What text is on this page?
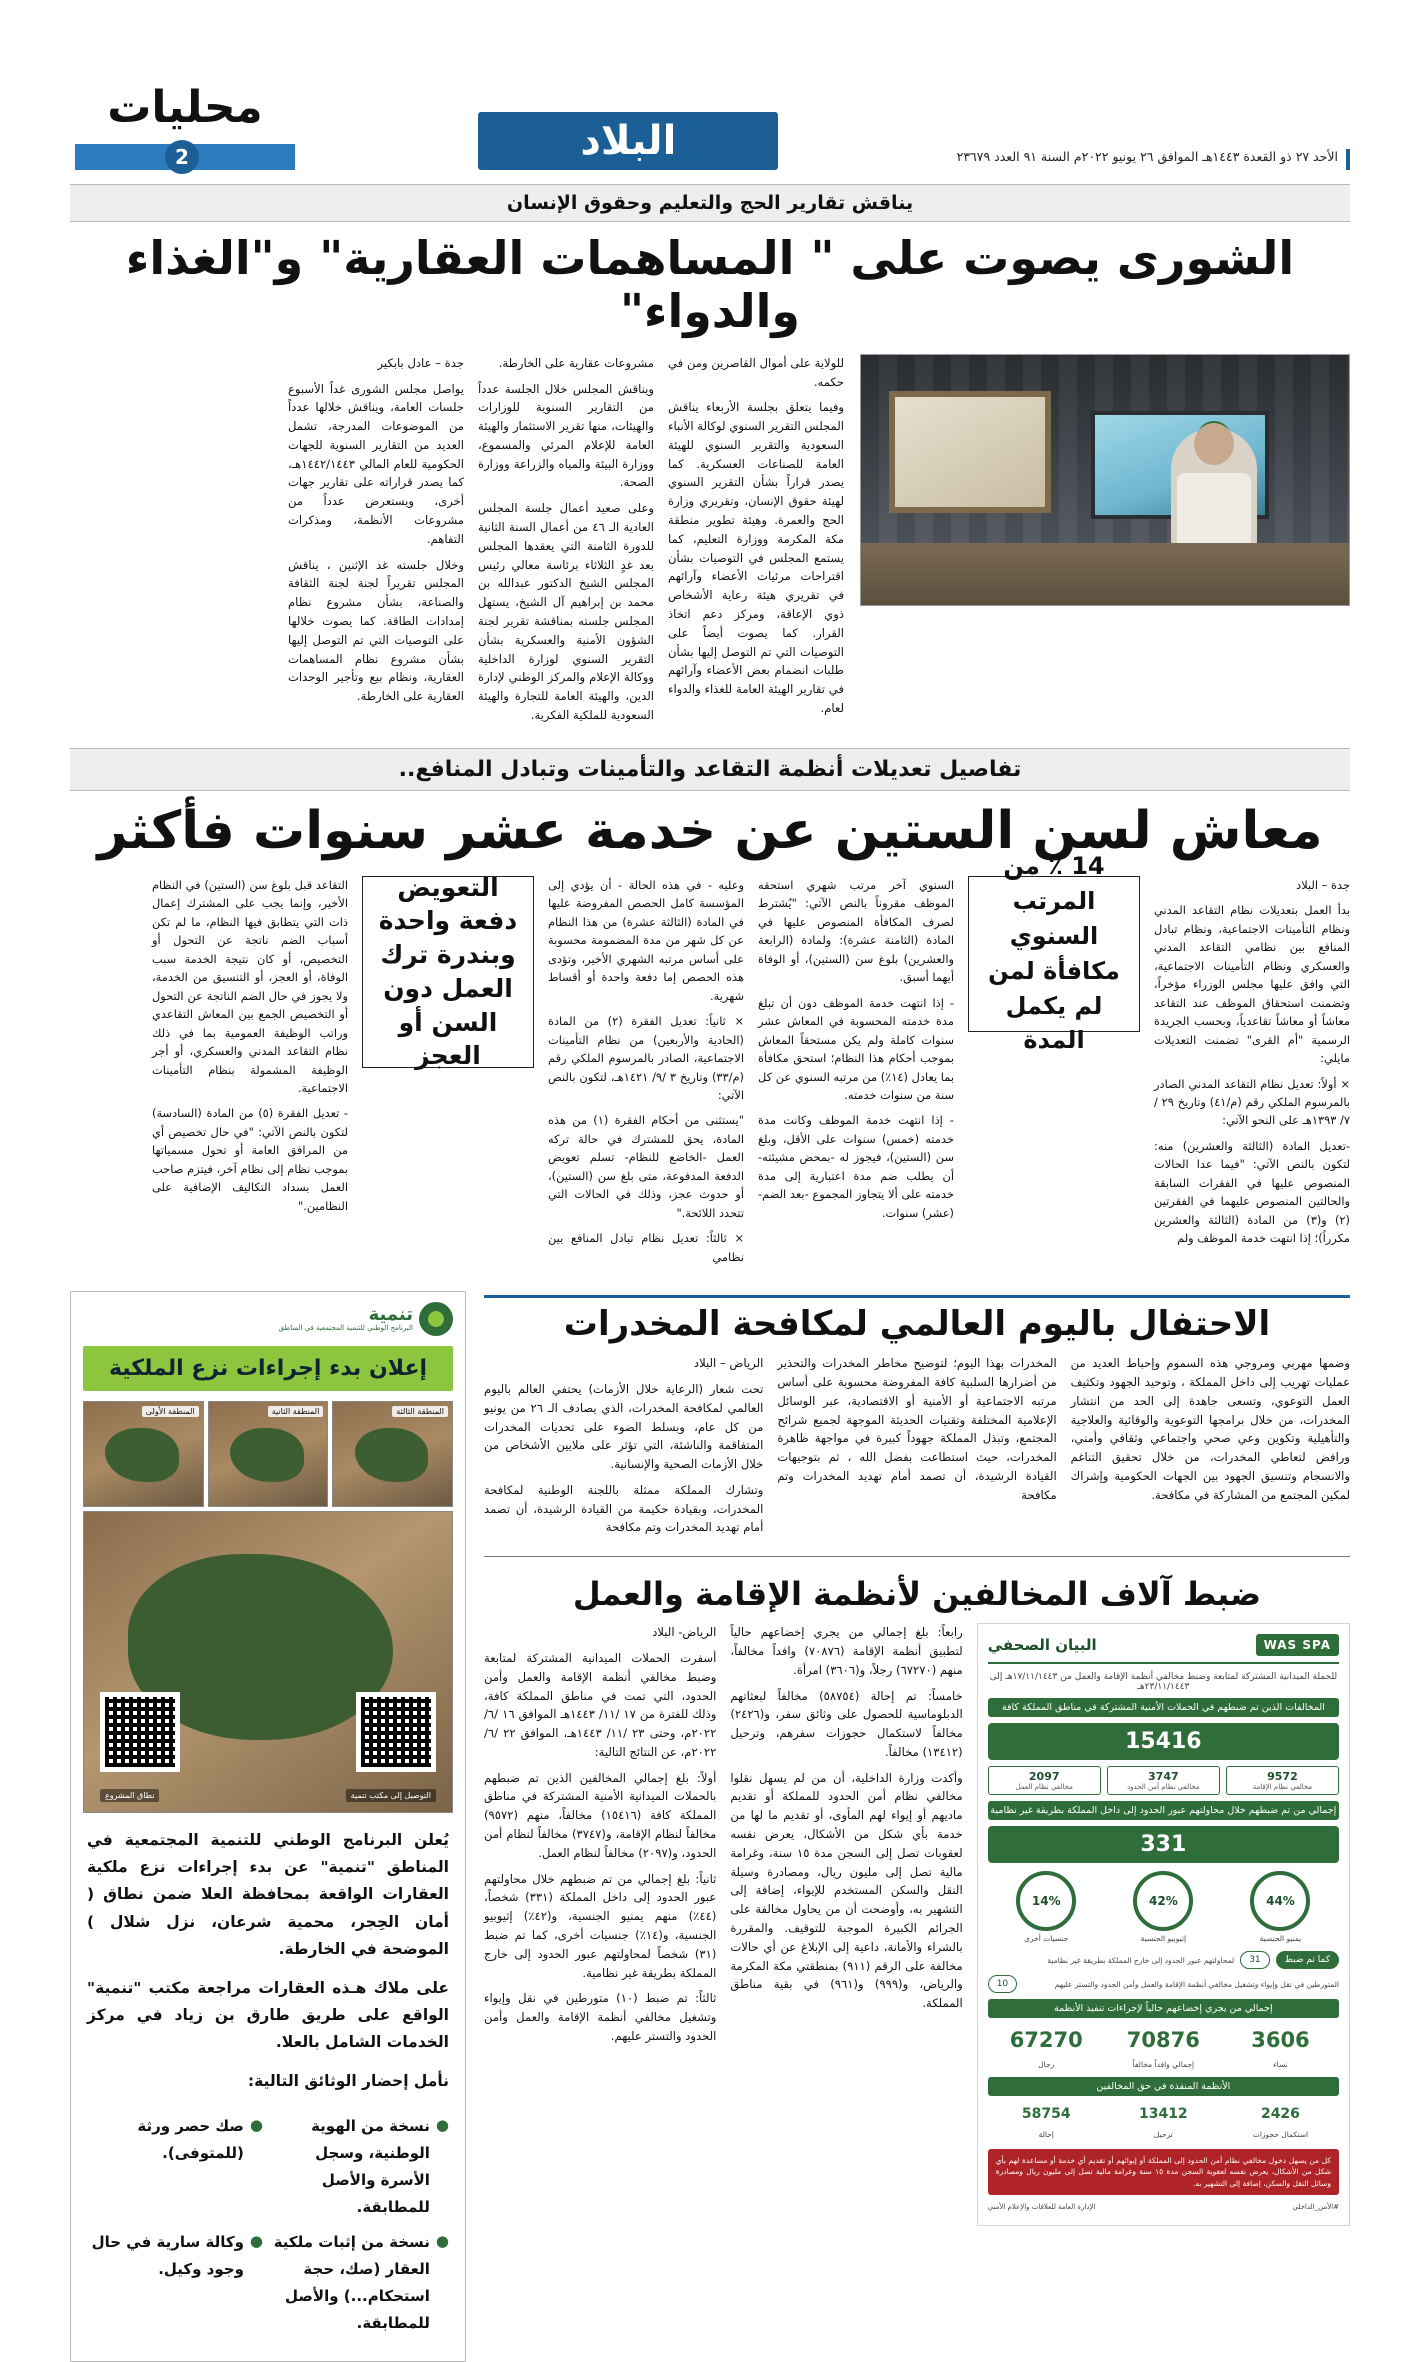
الأحد ٢٧ ذو القعدة ١٤٤٣هـ الموافق ٢٦ يونيو ٢٠٢٢م السنة ٩١ العدد ٢٣٦٧٩
البلاد
محليات
2
يناقش تقارير الحج والتعليم وحقوق الإنسان
الشورى يصوت على " المساهمات العقارية" و"الغذاء والدواء"

للولاية على أموال القاصرين ومن في حكمه.

وفيما يتعلق بجلسة الأربعاء يناقش المجلس التقرير السنوي لوكالة الأنباء السعودية والتقرير السنوي للهيئة العامة للصناعات العسكرية. كما يصدر قراراً بشأن التقرير السنوي لهيئة حقوق الإنسان، وتقريري وزارة الحج والعمرة. وهيئة تطوير منطقة مكة المكرمة ووزارة التعليم، كما يستمع المجلس في التوصيات بشأن اقتراحات مرئيات الأعضاء وآرائهم في تقريري هيئة رعاية الأشخاص ذوي الإعاقة، ومركز دعم اتخاذ القرار. كما يصوت أيضاً على التوصيات التي تم التوصل إليها بشأن طلبات انضمام بعض الأعضاء وآرائهم في تقارير الهيئة العامة للغذاء والدواء لعام.

مشروعات عقارية على الخارطة.

ويناقش المجلس خلال الجلسة عدداً من التقارير السنوية للوزارات والهيئات، منها تقرير الاستثمار والهيئة العامة للإعلام المرئي والمسموع، ووزارة البيئة والمياه والزراعة ووزارة الصحة.

وعلى صعيد أعمال جلسة المجلس العادية الـ ٤٦ من أعمال السنة الثانية للدورة الثامنة التي يعقدها المجلس بعد غدٍ الثلاثاء برئاسة معالي رئيس المجلس الشيخ الدكتور عبدالله بن محمد بن إبراهيم آل الشيخ، يستهل المجلس جلسته بمناقشة تقرير لجنة الشؤون الأمنية والعسكرية بشأن التقرير السنوي لوزارة الداخلية ووكالة الإعلام والمركز الوطني لإدارة الدين، والهيئة العامة للتجارة والهيئة السعودية للملكية الفكرية.

جدة – عادل بابكير

يواصل مجلس الشورى غداً الأسبوع جلسات العامة، ويناقش خلالها عدداً من الموضوعات المدرجة، تشمل العديد من التقارير السنوية للجهات الحكومية للعام المالي ١٤٤٢/١٤٤٣هـ، كما يصدر قراراته على تقارير جهات أخرى، ويستعرض عدداً من مشروعات الأنظمة، ومذكرات التفاهم.

وخلال جلسته غد الإثنين ، يناقش المجلس تقريراً لجنة لجنة الثقافة والصناعة، بشأن مشروع نظام إمدادات الطاقة. كما يصوت خلالها على التوصيات التي تم التوصل إليها بشأن مشروع نظام المساهمات العقارية، ونظام بيع وتأجير الوحدات العقارية على الخارطة.

تفاصيل تعديلات أنظمة التقاعد والتأمينات وتبادل المنافع..
معاش لسن الستين عن خدمة عشر سنوات فأكثر

جدة – البلاد

بدأ العمل بتعديلات نظام التقاعد المدني ونظام التأمينات الاجتماعية، ونظام تبادل المنافع بين نظامي التقاعد المدني والعسكري ونظام التأمينات الاجتماعية، التي وافق عليها مجلس الوزراء مؤخراً، وتضمنت استحقاق الموظف عند التقاعد معاشاً أو معاشاً تقاعدياً، وبحسب الجريدة الرسمية "أم القرى" تضمنت التعديلات مايلي:

× أولاً: تعديل نظام التقاعد المدني الصادر بالمرسوم الملكي رقم (م/٤١) وتاريخ ٢٩ /٧/ ١٣٩٣هـ على النحو الآتي:

-تعديل المادة (الثالثة والعشرين) منه: لتكون بالنص الآتي: "فيما عدا الحالات المنصوص عليها في الفقرات السابقة والحالتين المنصوص عليهما في الفقرتين (٢) و(٣) من المادة (الثالثة والعشرين مكرراً)؛ إذا انتهت خدمة الموظف ولم

14 ٪ من المرتب السنوي مكافأة لمن لم يكمل المدة

السنوي آخر مرتب شهري استحقه الموظف مقروناً بالنص الآتي: "يُشترط لصرف المكافأة المنصوص عليها في المادة (الثامنة عشرة): ولمادة (الرابعة والعشرين) بلوغ سن (الستين)، أو الوفاة أيهما أسبق.

- إذا انتهت خدمة الموظف دون أن تبلغ مدة خدمته المحسوبة في المعاش عشر سنوات كاملة ولم يكن مستحقاً المعاش بموجب أحكام هذا النظام؛ استحق مكافأة بما يعادل (١٤٪) من مرتبه السنوي عن كل سنة من سنوات خدمته.

- إذا انتهت خدمة الموظف وكانت مدة خدمته (خمس) سنوات على الأقل، وبلغ سن (الستين)، فيجوز له -بمحض مشيئته- أن يطلب ضم مدة اعتبارية إلى مدة خدمته على ألا يتجاوز المجموع -بعد الضم- (عشر) سنوات.

وعليه - في هذه الحالة - أن يؤدي إلى المؤسسة كامل الحصص المفروضة عليها في المادة (الثالثة عشرة) من هذا النظام عن كل شهر من مدة المضمومة محسوبة على أساس مرتبه الشهري الأخير، وتؤدى هذه الحصص إما دفعة واحدة أو أقساط شهرية.

× ثانياً: تعديل الفقرة (٢) من المادة (الحادية والأربعين) من نظام التأمينات الاجتماعية، الصادر بالمرسوم الملكي رقم (م/٣٣) وتاريخ ٣ /٩/ ١٤٢١هـ، لتكون بالنص الآتي:

"يستثنى من أحكام الفقرة (١) من هذه المادة، يحق للمشترك في حالة تركه العمل -الخاضع للنظام- تسلم تعويض الدفعة المدفوعة، متى بلغ سن (الستين)، أو حدوث عجز، وذلك في الحالات التي تتحدد اللائحة."

× ثالثاً: تعديل نظام تبادل المنافع بين نظامي

التعويض دفعة واحدة وبندرة ترك العمل دون السن أو العجز

التقاعد قبل بلوغ سن (الستين) في النظام الأخير، وإنما يجب على المشترك إعمال ذات التي يتطابق فيها النظام، ما لم تكن أسباب الضم ناتجة عن التحول أو التخصيص، أو كان نتيجة الخدمة سبب الوفاة، أو العجز، أو التنسيق من الخدمة، ولا يجوز في حال الضم الناتجة عن التحول أو التخصيص الجمع بين المعاش التقاعدي وراتب الوظيفة العمومية بما في ذلك نظام التقاعد المدني والعسكري، أو أجر الوظيفة المشمولة بنظام التأمينات الاجتماعية.

- تعديل الفقرة (٥) من المادة (السادسة) لتكون بالنص الآتي: "في حال تخصيص أي من المرافق العامة أو تحول مسمياتها بموجب نظام إلى نظام آخر، فيتزم صاحب العمل بسداد التكاليف الإضافية على النظامين."

الاحتفال باليوم العالمي لمكافحة المخدرات

وضمها مهربي ومروجي هذه السموم وإحباط العديد من عمليات تهريب إلى داخل المملكة ، وتوحيد الجهود وتكثيف العمل التوعوي، وتسعى جاهدة إلى الحد من انتشار المخدرات، من خلال برامجها التوعوية والوقائية والعلاجية والتأهيلية وتكوين وعي صحي واجتماعي وثقافي وأمني، ورافض لتعاطي المخدرات، من خلال تحقيق التناغم والانسجام وتنسيق الجهود بين الجهات الحكومية وإشراك لمكين المجتمع من المشاركة في مكافحة.

المخدرات بهذا اليوم؛ لتوضيح مخاطر المخدرات والتحذير من أضرارها السلبية كافة المفروضة محسوبة على أساس مرتبه الاجتماعية أو الأمنية أو الاقتصادية، عبر الوسائل الإعلامية المختلفة وتقنيات الحديثة الموجهة لجميع شرائح المجتمع، وتبذل المملكة جهوداً كبيرة في مواجهة ظاهرة المخدرات، حيث استطاعت بفضل الله ، ثم بتوجيهات القيادة الرشيدة، أن تصمد أمام تهديد المخدرات وتم مكافحة

الرياض – البلاد

تحت شعار (الرعاية خلال الأزمات) يحتفي العالم باليوم العالمي لمكافحة المخدرات، الذي يصادف الـ ٢٦ من يونيو من كل عام، وبسلط الضوء على تحديات المخدرات المتفاقمة والناشئة، التي تؤثر على ملايين الأشخاص من خلال الأزمات الصحية والإنسانية.

وتشارك المملكة ممثلة باللجنة الوطنية لمكافحة المخدرات، وبقيادة حكيمة من القيادة الرشيدة، أن تصمد أمام تهديد المخدرات وتم مكافحة

ضبط آلاف المخالفين لأنظمة الإقامة والعمل
WAS SPA
البيان الصحفي
للحملة الميدانية المشتركة لمتابعة وضبط مخالفي أنظمة الإقامة والعمل من ١٧/١١/١٤٤٣هـ إلى ٢٣/١١/١٤٤٣هـ
المخالفات الذين تم ضبطهم في الحملات الأمنية المشتركة في مناطق المملكة كافة
15416
9572
مخالفي نظام الإقامة
3747
مخالفي نظام أمن الحدود
2097
مخالفي نظام العمل
إجمالي من تم ضبطهم خلال محاولتهم عبور الحدود إلى داخل المملكة بطريقة غير نظامية
331
44%
يمنيو الجنسية
42%
إثيوبيو الجنسية
14%
جنسيات أخرى
كما تم ضبط
31
لمحاولتهم عبور الحدود إلى خارج المملكة بطريقة غير نظامية
المتورطين في نقل وإيواء وتشغيل مخالفي أنظمة الإقامة والعمل وأمن الحدود والتستر عليهم
10
إجمالي من يجري إخضاعهم حالياً لإجراءات تنفيذ الأنظمة
3606
نساء
70876
إجمالي وافداً مخالفاً
67270
رجال
الأنظمة المنفذة في حق المخالفين
2426
استكمال حجوزات
13412
ترحيل
58754
إحالة
كل من يسهل دخول مخالفي نظام أمن الحدود إلى المملكة أو إيوائهم أو تقديم أي خدمة أو مساعدة لهم بأي شكل من الأشكال، يعرض نفسه لعقوبة السجن مدة ١٥ سنة وغرامة مالية تصل إلى مليون ريال ومصادرة وسائل النقل والسكن، إضافة إلى التشهير به.
#الأمن_الداخلي
الإدارة العامة للعلاقات والإعلام الأمني

رابعاً: بلغ إجمالي من يجري إخضاعهم حالياً لتطبيق أنظمة الإقامة (٧٠٨٧٦) وافداً مخالفاً، منهم (٦٧٢٧٠) رجلاً، و(٣٦٠٦) امرأة.

خامساً: تم إحالة (٥٨٧٥٤) مخالفاً لبعثاتهم الدبلوماسية للحصول على وثائق سفر، و(٢٤٢٦) مخالفاً لاستكمال حجوزات سفرهم، وترحيل (١٣٤١٢) مخالفاً.

وأكدت وزارة الداخلية، أن من لم يسهل نقلوا مخالفي نظام أمن الحدود للمملكة أو تقديم ماديهم أو إيواء لهم المأوى، أو تقديم ما لها من خدمة بأي شكل من الأشكال، يعرض نفسه لعقوبات تصل إلى السجن مدة ١٥ سنة، وغرامة مالية تصل إلى مليون ريال، ومصادرة وسيلة النقل والسكن المستخدم للإيواء، إضافة إلى التشهير به، وأوضحت أن من يحاول مخالفة على الجرائم الكبيرة الموجبة للتوقيف. والمقررة بالشراء والأمانة، داعية إلى الإبلاغ عن أي حالات مخالفة على الرقم (٩١١) بمنطقتي مكة المكرمة والرياض، و(٩٩٩) و(٩٦١) في بقية مناطق المملكة.

الرياض- البلاد

أسفرت الحملات الميدانية المشتركة لمتابعة وضبط مخالفي أنظمة الإقامة والعمل وأمن الحدود، التي تمت في مناطق المملكة كافة، وذلك للفترة من ١٧ /١١/ ١٤٤٣هـ الموافق ١٦ /٦/ ٢٠٢٢م، وحتى ٢٣ /١١/ ١٤٤٣هـ، الموافق ٢٢ /٦/ ٢٠٢٢م، عن النتائج التالية:

أولاً: بلغ إجمالي المخالفين الذين تم ضبطهم بالحملات الميدانية الأمنية المشتركة في مناطق المملكة كافة (١٥٤١٦) مخالفاً، منهم (٩٥٧٢) مخالفاً لنظام الإقامة، و(٣٧٤٧) مخالفاً لنظام أمن الحدود، و(٢٠٩٧) مخالفاً لنظام العمل.

ثانياً: بلغ إجمالي من تم ضبطهم خلال محاولتهم عبور الحدود إلى داخل المملكة (٣٣١) شخصاً، (٤٤٪) منهم يمنيو الجنسية، و(٤٢٪) إثيوبيو الجنسية، و(١٤٪) جنسيات أخرى، كما تم ضبط (٣١) شخصاً لمحاولتهم عبور الحدود إلى خارج المملكة بطريقة غير نظامية.

ثالثاً: تم ضبط (١٠) متورطين في نقل وإيواء وتشغيل مخالفي أنظمة الإقامة والعمل وأمن الحدود والتستر عليهم.

تنمية
البرنامج الوطني للتنمية المجتمعية في المناطق
إعلان بدء إجراءات نزع الملكية
المنطقة الثالثة
المنطقة الثانية
المنطقة الأولى
التوصيل إلى مكتب تنمية
نطاق المشروع

يُعلن البرنامج الوطني للتنمية المجتمعية في المناطق "تنمية" عن بدء إجراءات نزع ملكية العقارات الواقعة بمحافظة العلا ضمن نطاق ( أمان الحِجر، محمية شرعان، نزل شلال ) الموضحة في الخارطة.

على ملاك هـذه العقارات مراجعة مكتب "تنمية" الواقع على طريق طارق بن زياد في مركز الخدمات الشامل بالعلا.

نأمل إحضار الوثائق التالية:

●
نسخة من الهوية الوطنية، وسجل الأسرة والأصل للمطابقة.
●
صك حصر ورثة (للمتوفى).
●
نسخة من إثبات ملكية العقار (صك، حجة استحكام...) والأصل للمطابقة.
●
وكالة سارية في حال وجود وكيل.
